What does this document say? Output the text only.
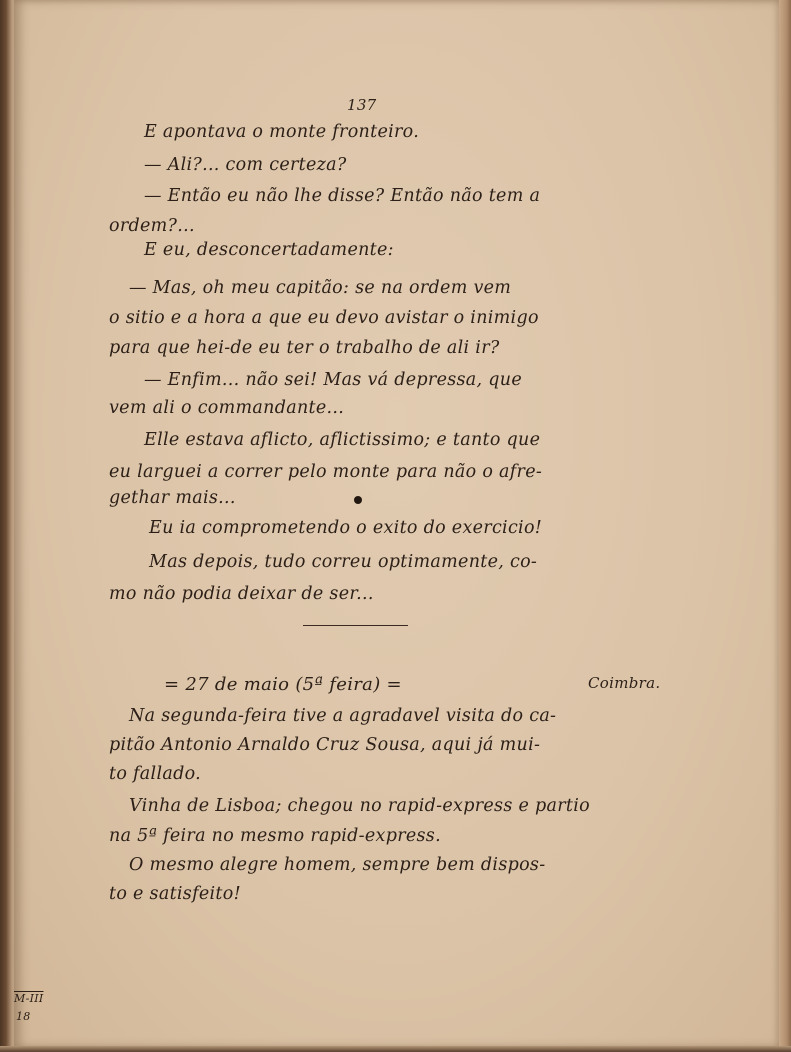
137
E apontava o monte fronteiro.
— Ali?... com certeza?
— Então eu não lhe disse? Então não tem a
ordem?...
E eu, desconcertadamente:
— Mas, oh meu capitão: se na ordem vem
o sitio e a hora a que eu devo avistar o inimigo
para que hei-de eu ter o trabalho de ali ir?
— Enfim... não sei! Mas vá depressa, que
vem ali o commandante...
Elle estava aflicto, aflictissimo; e tanto que
eu larguei a correr pelo monte para não o afre-
gethar mais...
Eu ia comprometendo o exito do exercicio!
Mas depois, tudo correu optimamente, co-
mo não podia deixar de ser...
= 27 de maio (5ª feira) =	Coimbra.
Na segunda-feira tive a agradavel visita do ca-
pitão Antonio Arnaldo Cruz Sousa, aqui já mui-
to fallado.
Vinha de Lisboa; chegou no rapid-express e partio
na 5ª feira no mesmo rapid-express.
O mesmo alegre homem, sempre bem dispos-
to e satisfeito!
M-III
18
